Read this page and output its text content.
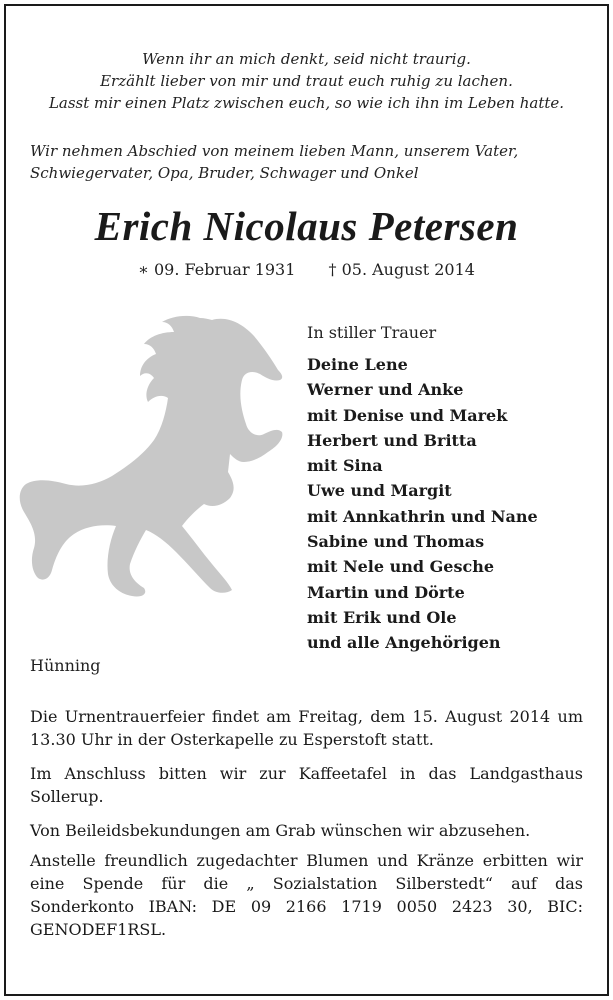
Wenn ihr an mich denkt, seid nicht traurig.
Erzählt lieber von mir und traut euch ruhig zu lachen.
Lasst mir einen Platz zwischen euch, so wie ich ihn im Leben hatte.
Wir nehmen Abschied von meinem lieben Mann, unserem Vater,
Schwiegervater, Opa, Bruder, Schwager und Onkel
Erich Nicolaus Petersen
∗ 09. Februar 1931 † 05. August 2014
In stiller Trauer
Deine Lene
Werner und Anke
mit Denise und Marek
Herbert und Britta
mit Sina
Uwe und Margit
mit Annkathrin und Nane
Sabine und Thomas
mit Nele und Gesche
Martin und Dörte
mit Erik und Ole
und alle Angehörigen
Hünning
Die Urnentrauerfeier findet am Freitag, dem 15. August 2014 um 13.30 Uhr in der Osterkapelle zu Esperstoft statt.
Im Anschluss bitten wir zur Kaffeetafel in das Landgasthaus Sollerup.
Von Beileidsbekundungen am Grab wünschen wir abzusehen.
Anstelle freundlich zugedachter Blumen und Kränze erbitten wir eine Spende für die „ Sozialstation Silberstedt“ auf das Sonderkonto IBAN: DE 09 2166 1719 0050 2423 30, BIC: GENODEF1RSL.
